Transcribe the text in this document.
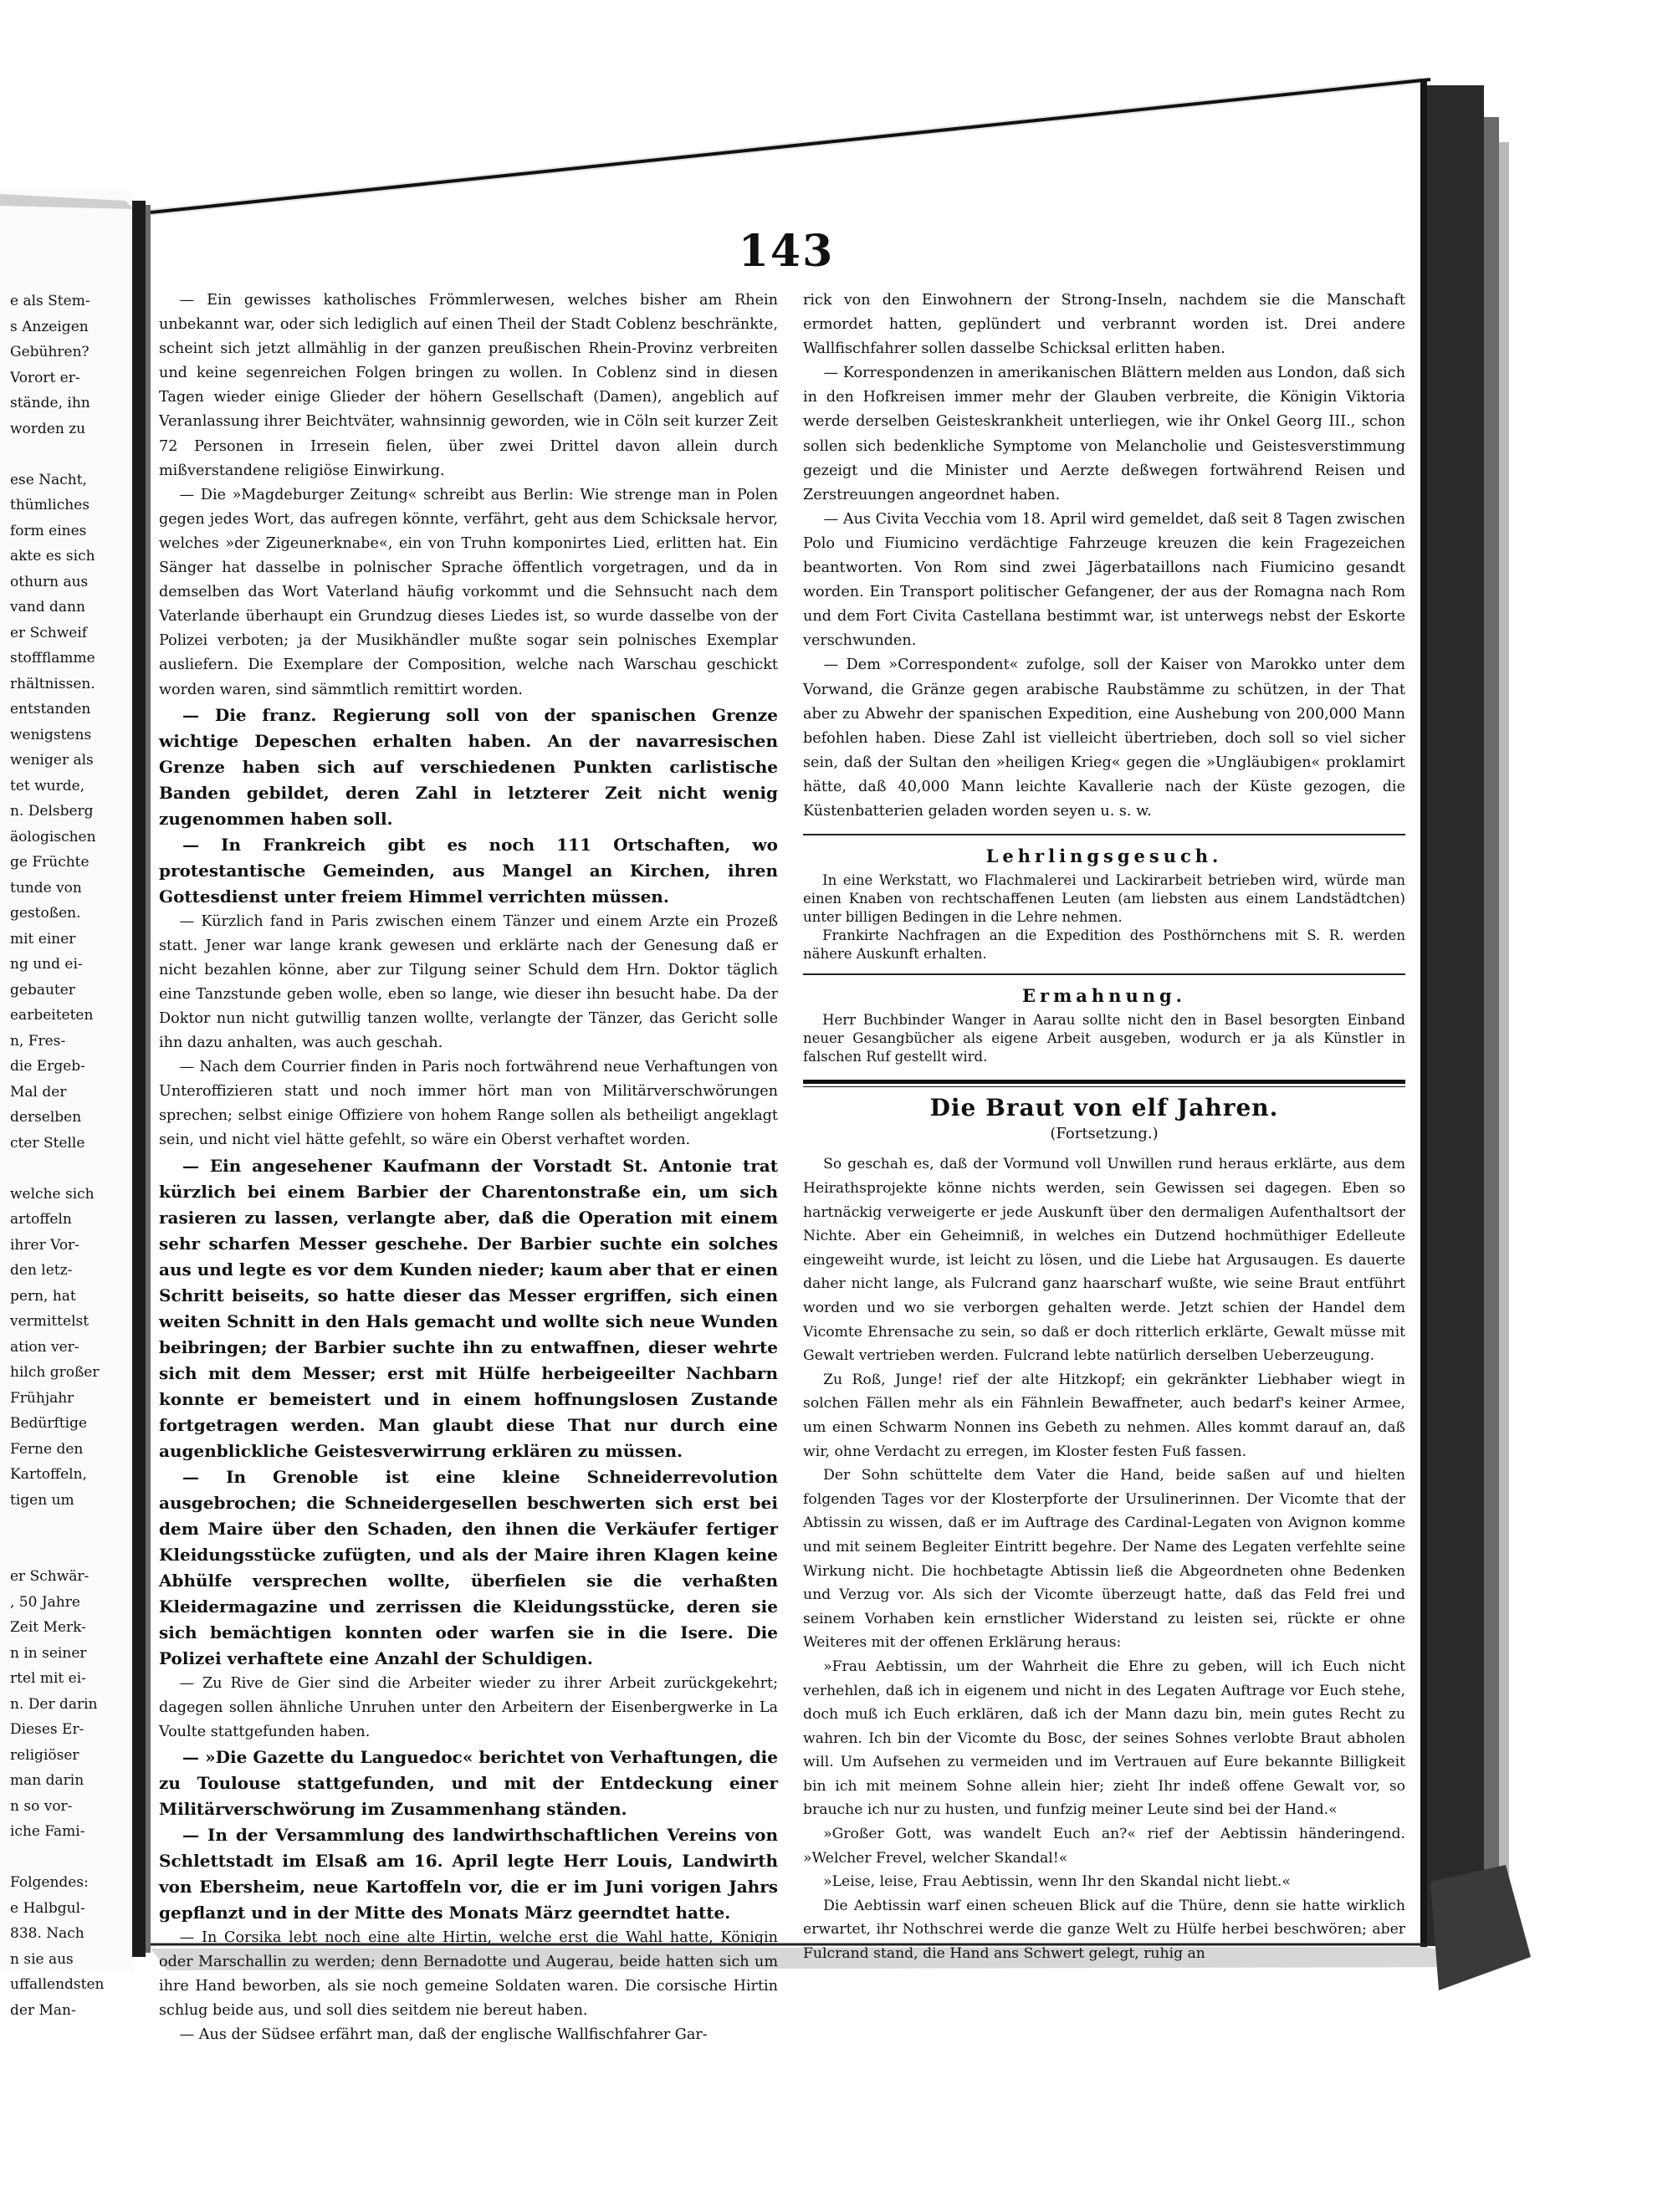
143
e als Stem-
s Anzeigen
Gebühren?
Vorort er-
stände, ihn
worden zu

ese Nacht,
thümliches
form eines
akte es sich
othurn aus
vand dann
er Schweif
stoffflamme
rhältnissen.
entstanden
wenigstens
weniger als
tet wurde,
n. Delsberg
äologischen
ge Früchte
tunde von
gestoßen.
mit einer
ng und ei-
gebauter
earbeiteten
n, Fres-
die Ergeb-
Mal der
derselben
cter Stelle

welche sich
artoffeln
ihrer Vor-
den letz-
pern, hat
vermittelst
ation ver-
hilch großer
Frühjahr
Bedürftige
Ferne den
Kartoffeln,
tigen um

er Schwär-
, 50 Jahre
Zeit Merk-
n in seiner
rtel mit ei-
n. Der darin
Dieses Er-
religiöser
man darin
n so vor-
iche Fami-

Folgendes:
e Halbgul-
838. Nach
n sie aus
uffallendsten
der Man-

— Ein gewisses katholisches Frömmlerwesen, welches bisher am Rhein unbekannt war, oder sich lediglich auf einen Theil der Stadt Coblenz beschränkte, scheint sich jetzt allmählig in der ganzen preußischen Rhein-Provinz verbreiten und keine segenreichen Folgen bringen zu wollen. In Coblenz sind in diesen Tagen wieder einige Glieder der höhern Gesellschaft (Damen), angeblich auf Veranlassung ihrer Beichtväter, wahnsinnig geworden, wie in Cöln seit kurzer Zeit 72 Personen in Irresein fielen, über zwei Drittel davon allein durch mißverstandene religiöse Einwirkung.

— Die »Magdeburger Zeitung« schreibt aus Berlin: Wie strenge man in Polen gegen jedes Wort, das aufregen könnte, verfährt, geht aus dem Schicksale hervor, welches »der Zigeunerknabe«, ein von Truhn komponirtes Lied, erlitten hat. Ein Sänger hat dasselbe in polnischer Sprache öffentlich vorgetragen, und da in demselben das Wort Vaterland häufig vorkommt und die Sehnsucht nach dem Vaterlande überhaupt ein Grundzug dieses Liedes ist, so wurde dasselbe von der Polizei verboten; ja der Musikhändler mußte sogar sein polnisches Exemplar ausliefern. Die Exemplare der Composition, welche nach Warschau geschickt worden waren, sind sämmtlich remittirt worden.

— Die franz. Regierung soll von der spanischen Grenze wichtige Depeschen erhalten haben. An der navarresischen Grenze haben sich auf verschiedenen Punkten carlistische Banden gebildet, deren Zahl in letzterer Zeit nicht wenig zugenommen haben soll.

— In Frankreich gibt es noch 111 Ortschaften, wo protestantische Gemeinden, aus Mangel an Kirchen, ihren Gottesdienst unter freiem Himmel verrichten müssen.

— Kürzlich fand in Paris zwischen einem Tänzer und einem Arzte ein Prozeß statt. Jener war lange krank gewesen und erklärte nach der Genesung daß er nicht bezahlen könne, aber zur Tilgung seiner Schuld dem Hrn. Doktor täglich eine Tanzstunde geben wolle, eben so lange, wie dieser ihn besucht habe. Da der Doktor nun nicht gutwillig tanzen wollte, verlangte der Tänzer, das Gericht solle ihn dazu anhalten, was auch geschah.

— Nach dem Courrier finden in Paris noch fortwährend neue Verhaftungen von Unteroffizieren statt und noch immer hört man von Militärverschwörungen sprechen; selbst einige Offiziere von hohem Range sollen als betheiligt angeklagt sein, und nicht viel hätte gefehlt, so wäre ein Oberst verhaftet worden.

— Ein angesehener Kaufmann der Vorstadt St. Antonie trat kürzlich bei einem Barbier der Charentonstraße ein, um sich rasieren zu lassen, verlangte aber, daß die Operation mit einem sehr scharfen Messer geschehe. Der Barbier suchte ein solches aus und legte es vor dem Kunden nieder; kaum aber that er einen Schritt beiseits, so hatte dieser das Messer ergriffen, sich einen weiten Schnitt in den Hals gemacht und wollte sich neue Wunden beibringen; der Barbier suchte ihn zu entwaffnen, dieser wehrte sich mit dem Messer; erst mit Hülfe herbeigeeilter Nachbarn konnte er bemeistert und in einem hoffnungslosen Zustande fortgetragen werden. Man glaubt diese That nur durch eine augenblickliche Geistesverwirrung erklären zu müssen.

— In Grenoble ist eine kleine Schneiderrevolution ausgebrochen; die Schneidergesellen beschwerten sich erst bei dem Maire über den Schaden, den ihnen die Verkäufer fertiger Kleidungsstücke zufügten, und als der Maire ihren Klagen keine Abhülfe versprechen wollte, überfielen sie die verhaßten Kleidermagazine und zerrissen die Kleidungsstücke, deren sie sich bemächtigen konnten oder warfen sie in die Isere. Die Polizei verhaftete eine Anzahl der Schuldigen.

— Zu Rive de Gier sind die Arbeiter wieder zu ihrer Arbeit zurückgekehrt; dagegen sollen ähnliche Unruhen unter den Arbeitern der Eisenbergwerke in La Voulte stattgefunden haben.

— »Die Gazette du Languedoc« berichtet von Verhaftungen, die zu Toulouse stattgefunden, und mit der Entdeckung einer Militärverschwörung im Zusammenhang ständen.

— In der Versammlung des landwirthschaftlichen Vereins von Schlettstadt im Elsaß am 16. April legte Herr Louis, Landwirth von Ebersheim, neue Kartoffeln vor, die er im Juni vorigen Jahrs gepflanzt und in der Mitte des Monats März geerndtet hatte.

— In Corsika lebt noch eine alte Hirtin, welche erst die Wahl hatte, Königin oder Marschallin zu werden; denn Bernadotte und Augerau, beide hatten sich um ihre Hand beworben, als sie noch gemeine Soldaten waren. Die corsische Hirtin schlug beide aus, und soll dies seitdem nie bereut haben.

— Aus der Südsee erfährt man, daß der englische Wallfischfahrer Gar-

rick von den Einwohnern der Strong-Inseln, nachdem sie die Manschaft ermordet hatten, geplündert und verbrannt worden ist. Drei andere Wallfischfahrer sollen dasselbe Schicksal erlitten haben.

— Korrespondenzen in amerikanischen Blättern melden aus London, daß sich in den Hofkreisen immer mehr der Glauben verbreite, die Königin Viktoria werde derselben Geisteskrankheit unterliegen, wie ihr Onkel Georg III., schon sollen sich bedenkliche Symptome von Melancholie und Geistesverstimmung gezeigt und die Minister und Aerzte deßwegen fortwährend Reisen und Zerstreuungen angeordnet haben.

— Aus Civita Vecchia vom 18. April wird gemeldet, daß seit 8 Tagen zwischen Polo und Fiumicino verdächtige Fahrzeuge kreuzen die kein Fragezeichen beantworten. Von Rom sind zwei Jägerbataillons nach Fiumicino gesandt worden. Ein Transport politischer Gefangener, der aus der Romagna nach Rom und dem Fort Civita Castellana bestimmt war, ist unterwegs nebst der Eskorte verschwunden.

— Dem »Correspondent« zufolge, soll der Kaiser von Marokko unter dem Vorwand, die Gränze gegen arabische Raubstämme zu schützen, in der That aber zu Abwehr der spanischen Expedition, eine Aushebung von 200,000 Mann befohlen haben. Diese Zahl ist vielleicht übertrieben, doch soll so viel sicher sein, daß der Sultan den »heiligen Krieg« gegen die »Ungläubigen« proklamirt hätte, daß 40,000 Mann leichte Kavallerie nach der Küste gezogen, die Küstenbatterien geladen worden seyen u. s. w.

Lehrlingsgesuch.

In eine Werkstatt, wo Flachmalerei und Lackirarbeit betrieben wird, würde man einen Knaben von rechtschaffenen Leuten (am liebsten aus einem Landstädtchen) unter billigen Bedingen in die Lehre nehmen.

Frankirte Nachfragen an die Expedition des Posthörnchens mit S. R. werden nähere Auskunft erhalten.

Ermahnung.

Herr Buchbinder Wanger in Aarau sollte nicht den in Basel besorgten Einband neuer Gesangbücher als eigene Arbeit ausgeben, wodurch er ja als Künstler in falschen Ruf gestellt wird.

Die Braut von elf Jahren.
(Fortsetzung.)

So geschah es, daß der Vormund voll Unwillen rund heraus erklärte, aus dem Heirathsprojekte könne nichts werden, sein Gewissen sei dagegen. Eben so hartnäckig verweigerte er jede Auskunft über den dermaligen Aufenthaltsort der Nichte. Aber ein Geheimniß, in welches ein Dutzend hochmüthiger Edelleute eingeweiht wurde, ist leicht zu lösen, und die Liebe hat Argusaugen. Es dauerte daher nicht lange, als Fulcrand ganz haarscharf wußte, wie seine Braut entführt worden und wo sie verborgen gehalten werde. Jetzt schien der Handel dem Vicomte Ehrensache zu sein, so daß er doch ritterlich erklärte, Gewalt müsse mit Gewalt vertrieben werden. Fulcrand lebte natürlich derselben Ueberzeugung.

Zu Roß, Junge! rief der alte Hitzkopf; ein gekränkter Liebhaber wiegt in solchen Fällen mehr als ein Fähnlein Bewaffneter, auch bedarf's keiner Armee, um einen Schwarm Nonnen ins Gebeth zu nehmen. Alles kommt darauf an, daß wir, ohne Verdacht zu erregen, im Kloster festen Fuß fassen.

Der Sohn schüttelte dem Vater die Hand, beide saßen auf und hielten folgenden Tages vor der Klosterpforte der Ursulinerinnen. Der Vicomte that der Abtissin zu wissen, daß er im Auftrage des Cardinal-Legaten von Avignon komme und mit seinem Begleiter Eintritt begehre. Der Name des Legaten verfehlte seine Wirkung nicht. Die hochbetagte Abtissin ließ die Abgeordneten ohne Bedenken und Verzug vor. Als sich der Vicomte überzeugt hatte, daß das Feld frei und seinem Vorhaben kein ernstlicher Widerstand zu leisten sei, rückte er ohne Weiteres mit der offenen Erklärung heraus:

»Frau Aebtissin, um der Wahrheit die Ehre zu geben, will ich Euch nicht verhehlen, daß ich in eigenem und nicht in des Legaten Auftrage vor Euch stehe, doch muß ich Euch erklären, daß ich der Mann dazu bin, mein gutes Recht zu wahren. Ich bin der Vicomte du Bosc, der seines Sohnes verlobte Braut abholen will. Um Aufsehen zu vermeiden und im Vertrauen auf Eure bekannte Billigkeit bin ich mit meinem Sohne allein hier; zieht Ihr indeß offene Gewalt vor, so brauche ich nur zu husten, und funfzig meiner Leute sind bei der Hand.«

»Großer Gott, was wandelt Euch an?« rief der Aebtissin händeringend. »Welcher Frevel, welcher Skandal!«

»Leise, leise, Frau Aebtissin, wenn Ihr den Skandal nicht liebt.«

Die Aebtissin warf einen scheuen Blick auf die Thüre, denn sie hatte wirklich erwartet, ihr Nothschrei werde die ganze Welt zu Hülfe herbei beschwören; aber Fulcrand stand, die Hand ans Schwert gelegt, ruhig an
